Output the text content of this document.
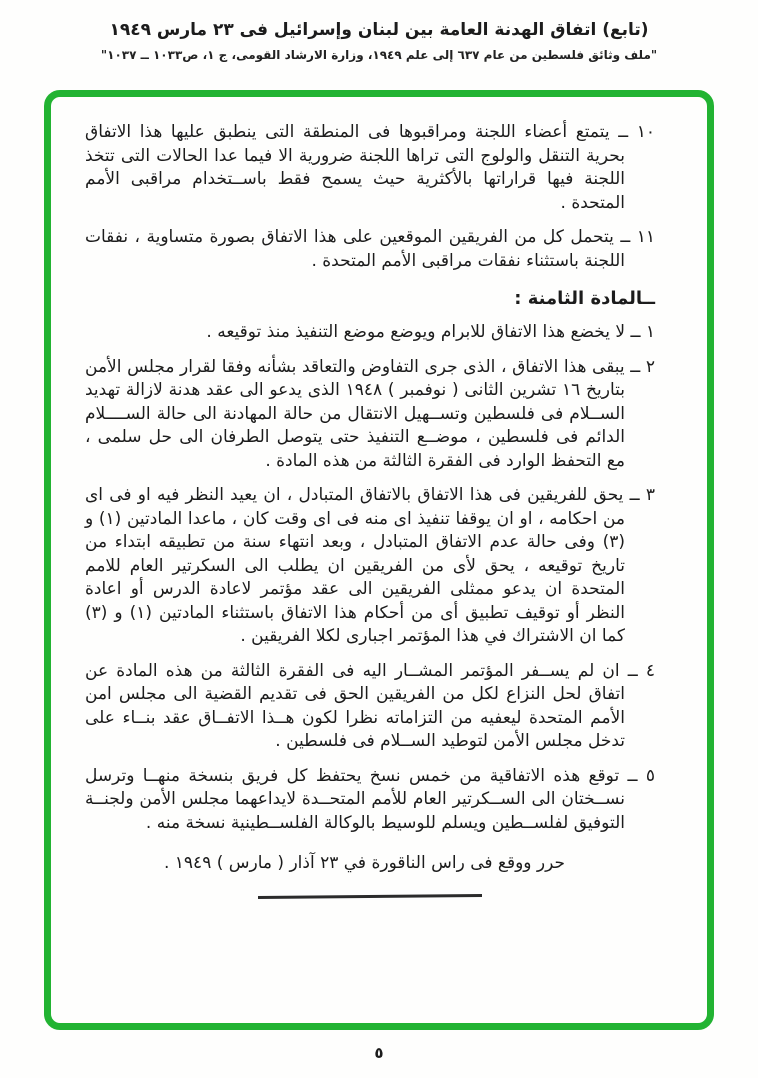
(تابع) اتفاق الهدنة العامة بين لبنان وإسرائيل فى ٢٣ مارس ١٩٤٩

"ملف وثائق فلسطين من عام ٦٣٧ إلى علم ١٩٤٩، وزارة الارشاد القومى، ج ١، ص١٠٣٣ ــ ١٠٣٧"

١٠ ــ يتمتع أعضاء اللجنة ومراقبوها فى المنطقة التى ينطبق عليها هذا الاتفاق بحرية التنقل والولوج التى تراها اللجنة ضرورية الا فيما عدا الحالات التى تتخذ اللجنة فيها قراراتها بالأكثرية حيث يسمح فقط باســتخدام مراقبى الأمم المتحدة .

١١ ــ يتحمل كل من الفريقين الموقعين على هذا الاتفاق بصورة متساوية ، نفقات اللجنة باستثناء نفقات مراقبى الأمم المتحدة .

ــالمادة الثامنة :

١ ــ لا يخضع هذا الاتفاق للابرام ويوضع موضع التنفيذ منذ توقيعه .

٢ ــ يبقى هذا الاتفاق ، الذى جرى التفاوض والتعاقد بشأنه وفقا لقرار مجلس الأمن بتاريخ ١٦ تشرين الثانى ( نوفمبر ) ١٩٤٨ الذى يدعو الى عقد هدنة لازالة تهديد الســلام فى فلسطين وتســهيل الانتقال من حالة المهادنة الى حالة الســــلام الدائم فى فلسطين ، موضــع التنفيذ حتى يتوصل الطرفان الى حل سلمى ، مع التحفظ الوارد فى الفقرة الثالثة من هذه المادة .

٣ ــ يحق للفريقين فى هذا الاتفاق بالاتفاق المتبادل ، ان يعيد النظر فيه او فى اى من احكامه ، او ان يوقفا تنفيذ اى منه فى اى وقت كان ، ماعدا المادتين (١) و (٣) وفى حالة عدم الاتفاق المتبادل ، وبعد انتهاء سنة من تطبيقه ابتداء من تاريخ توقيعه ، يحق لأى من الفريقين ان يطلب الى السكرتير العام للامم المتحدة ان يدعو ممثلى الفريقين الى عقد مؤتمر لاعادة الدرس أو اعادة النظر أو توقيف تطبيق أى من أحكام هذا الاتفاق باستثناء المادتين (١) و (٣) كما ان الاشتراك في هذا المؤتمر اجبارى لكلا الفريقين .

٤ ــ ان لم يســفر المؤتمر المشــار اليه فى الفقرة الثالثة من هذه المادة عن اتفاق لحل النزاع لكل من الفريقين الحق فى تقديم القضية الى مجلس امن الأمم المتحدة ليعفيه من التزاماته نظرا لكون هــذا الاتفــاق عقد بنــاء على تدخل مجلس الأمن لتوطيد الســلام فى فلسطين .

٥ ــ توقع هذه الاتفاقية من خمس نسخ يحتفظ كل فريق بنسخة منهــا وترسل نســختان الى الســكرتير العام للأمم المتحــدة لايداعهما مجلس الأمن ولجنــة التوفيق لفلســطين ويسلم للوسيط بالوكالة الفلســطينية نسخة منه .

حرر ووقع فى راس الناقورة في ٢٣ آذار ( مارس ) ١٩٤٩ .

٥
